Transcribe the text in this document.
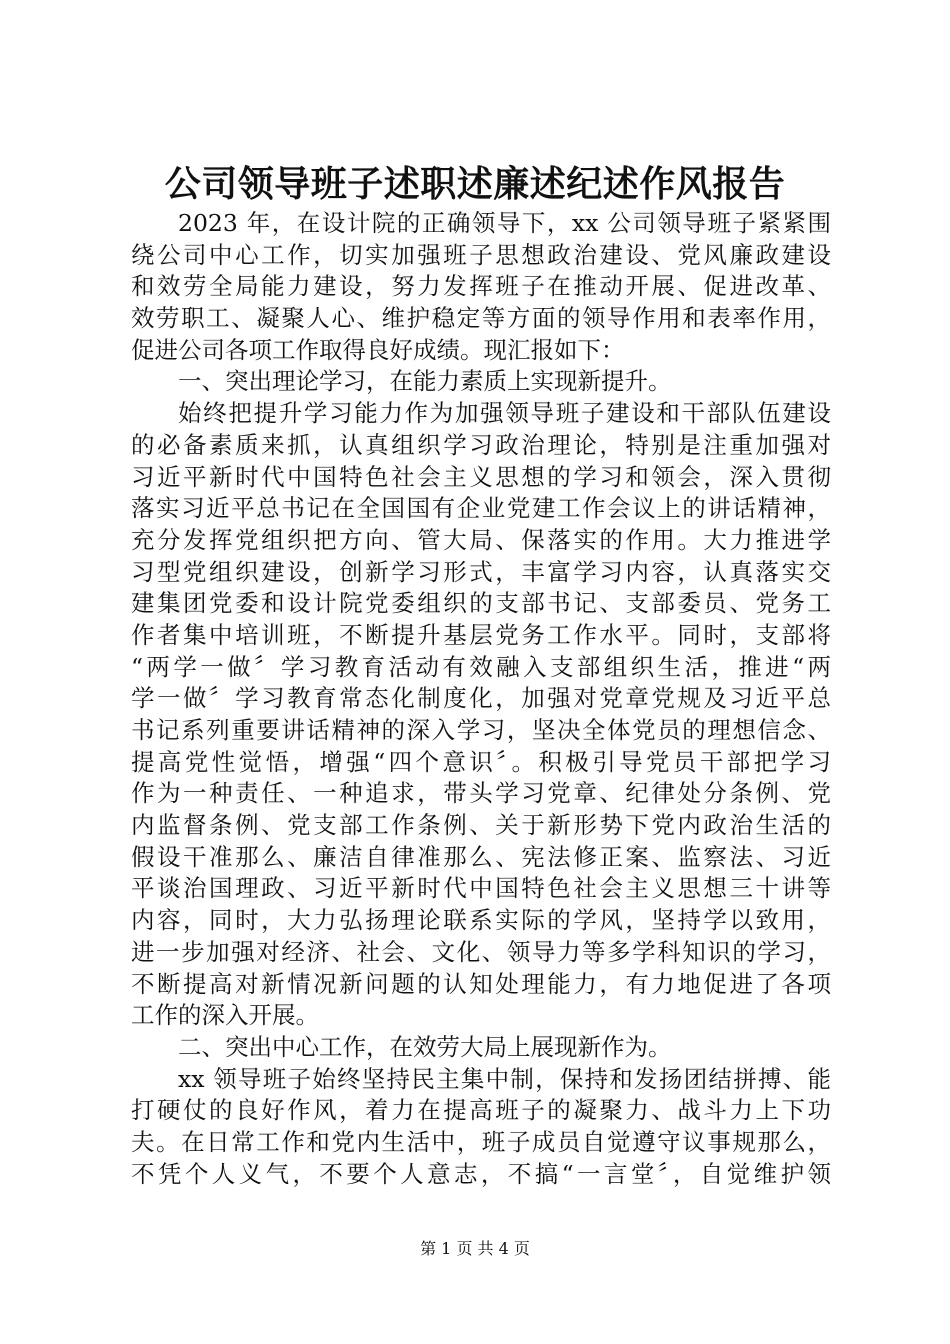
公司领导班子述职述廉述纪述作风报告
2023 年，在设计院的正确领导下，xx 公司领导班子紧紧围
绕公司中心工作，切实加强班子思想政治建设、党风廉政建设
和效劳全局能力建设，努力发挥班子在推动开展、促进改革、
效劳职工、凝聚人心、维护稳定等方面的领导作用和表率作用，
促进公司各项工作取得良好成绩。现汇报如下：
一、突出理论学习，在能力素质上实现新提升。
始终把提升学习能力作为加强领导班子建设和干部队伍建设
的必备素质来抓，认真组织学习政治理论，特别是注重加强对
习近平新时代中国特色社会主义思想的学习和领会，深入贯彻
落实习近平总书记在全国国有企业党建工作会议上的讲话精神，
充分发挥党组织把方向、管大局、保落实的作用。大力推进学
习型党组织建设，创新学习形式，丰富学习内容，认真落实交
建集团党委和设计院党委组织的支部书记、支部委员、党务工
作者集中培训班，不断提升基层党务工作水平。同时，支部将
“两学一做〞学习教育活动有效融入支部组织生活，推进“两
学一做〞学习教育常态化制度化，加强对党章党规及习近平总
书记系列重要讲话精神的深入学习，坚决全体党员的理想信念、
提高党性觉悟，增强“四个意识〞。积极引导党员干部把学习
作为一种责任、一种追求，带头学习党章、纪律处分条例、党
内监督条例、党支部工作条例、关于新形势下党内政治生活的
假设干准那么、廉洁自律准那么、宪法修正案、监察法、习近
平谈治国理政、习近平新时代中国特色社会主义思想三十讲等
内容，同时，大力弘扬理论联系实际的学风，坚持学以致用，
进一步加强对经济、社会、文化、领导力等多学科知识的学习，
不断提高对新情况新问题的认知处理能力，有力地促进了各项
工作的深入开展。
二、突出中心工作，在效劳大局上展现新作为。
xx 领导班子始终坚持民主集中制，保持和发扬团结拼搏、能
打硬仗的良好作风，着力在提高班子的凝聚力、战斗力上下功
夫。在日常工作和党内生活中，班子成员自觉遵守议事规那么，
不凭个人义气，不要个人意志，不搞“一言堂〞，自觉维护领
第 1 页 共 4 页
